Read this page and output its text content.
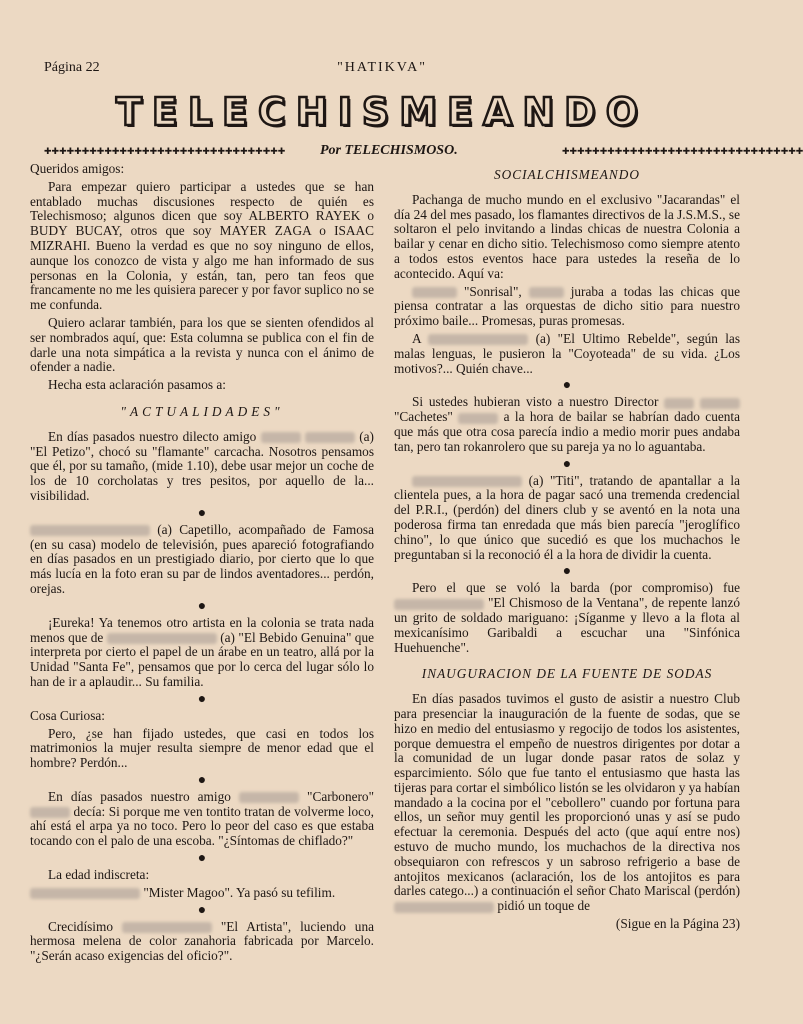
Página 22	"HATIKVA"
TELECHISMEANDO
✚✚✚✚✚✚✚✚✚✚✚✚✚✚✚✚✚✚✚✚✚✚✚✚✚✚✚✚✚✚✚✚	Por TELECHISMOSO.	✚✚✚✚✚✚✚✚✚✚✚✚✚✚✚✚✚✚✚✚✚✚✚✚✚✚✚✚✚✚✚✚

Queridos amigos:

Para empezar quiero participar a ustedes que se han entablado muchas discusiones respecto de quién es Telechismoso; algunos dicen que soy ALBERTO RAYEK o BUDY BUCAY, otros que soy MAYER ZAGA o ISAAC MIZRAHI. Bueno la verdad es que no soy ninguno de ellos, aunque los conozco de vista y algo me han informado de sus personas en la Colonia, y están, tan, pero tan feos que francamente no me les quisiera parecer y por favor suplico no se me confunda.

Quiero aclarar también, para los que se sienten ofendidos al ser nombrados aquí, que: Esta columna se publica con el fin de darle una nota simpática a la revista y nunca con el ánimo de ofender a nadie.

Hecha esta aclaración pasamos a:

"ACTUALIDADES"

En días pasados nuestro dilecto amigo	(a) "El Petizo", chocó su "flamante" carcacha. Nosotros pensamos que él, por su tamaño, (mide 1.10), debe usar mejor un coche de los de 10 corcholatas y tres pesitos, por aquello de la... visibilidad.

●

(a) Capetillo, acompañado de Famosa (en su casa) modelo de televisión, pues apareció fotografiando en días pasados en un prestigiado diario, por cierto que lo que más lucía en la foto eran su par de lindos aventadores... perdón, orejas.

●

¡Eureka! Ya tenemos otro artista en la colonia se trata nada menos que de	(a) "El Bebido Genuina" que interpreta por cierto el papel de un árabe en un teatro, allá por la Unidad "Santa Fe", pensamos que por lo cerca del lugar sólo lo han de ir a aplaudir... Su familia.

●

Cosa Curiosa:

Pero, ¿se han fijado ustedes, que casi en todos los matrimonios la mujer resulta siempre de menor edad que el hombre? Perdón...

●

En días pasados nuestro amigo	"Carbonero"  decía: Si porque me ven tontito tratan de volverme loco, ahí está el arpa ya no toco. Pero lo peor del caso es que estaba tocando con el palo de una escoba. "¿Síntomas de chiflado?"

●

La edad indiscreta:

"Mister Magoo". Ya pasó su tefilim.

●

Crecidísimo	"El Artista", luciendo una hermosa melena de color zanahoria fabricada por Marcelo. "¿Serán acaso exigencias del oficio?".

SOCIALCHISMEANDO

Pachanga de mucho mundo en el exclusivo "Jacarandas" el día 24 del mes pasado, los flamantes directivos de la J.S.M.S., se soltaron el pelo invitando a lindas chicas de nuestra Colonia a bailar y cenar en dicho sitio. Telechismoso como siempre atento a todos estos eventos hace para ustedes la reseña de lo acontecido. Aquí va:

"Sonrisal",	juraba a todas las chicas que piensa contratar a las orquestas de dicho sitio para nuestro próximo baile... Promesas, puras promesas.

A	(a) "El Ultimo Rebelde", según las malas lenguas, le pusieron la "Coyoteada" de su vida. ¿Los motivos?... Quién chave...

●

Si ustedes hubieran visto a nuestro Director   "Cachetes"	a la hora de bailar se habrían dado cuenta que más que otra cosa parecía indio a medio morir pues andaba tan, pero tan rokanrolero que su pareja ya no lo aguantaba.

●

(a) "Titi", tratando de apantallar a la clientela pues, a la hora de pagar sacó una tremenda credencial del P.R.I., (perdón) del diners club y se aventó en la nota una poderosa firma tan enredada que más bien parecía "jeroglífico chino", lo que único que sucedió es que los muchachos le preguntaban si la reconoció él a la hora de dividir la cuenta.

●

Pero el que se voló la barda (por compromiso) fue  "El Chismoso de la Ventana", de repente lanzó un grito de soldado mariguano: ¡Síganme y llevo a la flota al mexicanísimo Garibaldi a escuchar una "Sinfónica Huehuenche".

INAUGURACION DE LA FUENTE DE SODAS

En días pasados tuvimos el gusto de asistir a nuestro Club para presenciar la inauguración de la fuente de sodas, que se hizo en medio del entusiasmo y regocijo de todos los asistentes, porque demuestra el empeño de nuestros dirigentes por dotar a la comunidad de un lugar donde pasar ratos de solaz y esparcimiento. Sólo que fue tanto el entusiasmo que hasta las tijeras para cortar el simbólico listón se les olvidaron y ya habían mandado a la cocina por el "cebollero" cuando por fortuna para ellos, un señor muy gentil les proporcionó unas y así se pudo efectuar la ceremonia. Después del acto (que aquí entre nos) estuvo de mucho mundo, los muchachos de la directiva nos obsequiaron con refrescos y un sabroso refrigerio a base de antojitos mexicanos (aclaración, los de los antojitos es para darles catego...) a continuación el señor Chato Mariscal (perdón)  pidió un toque de

(Sigue en la Página 23)
